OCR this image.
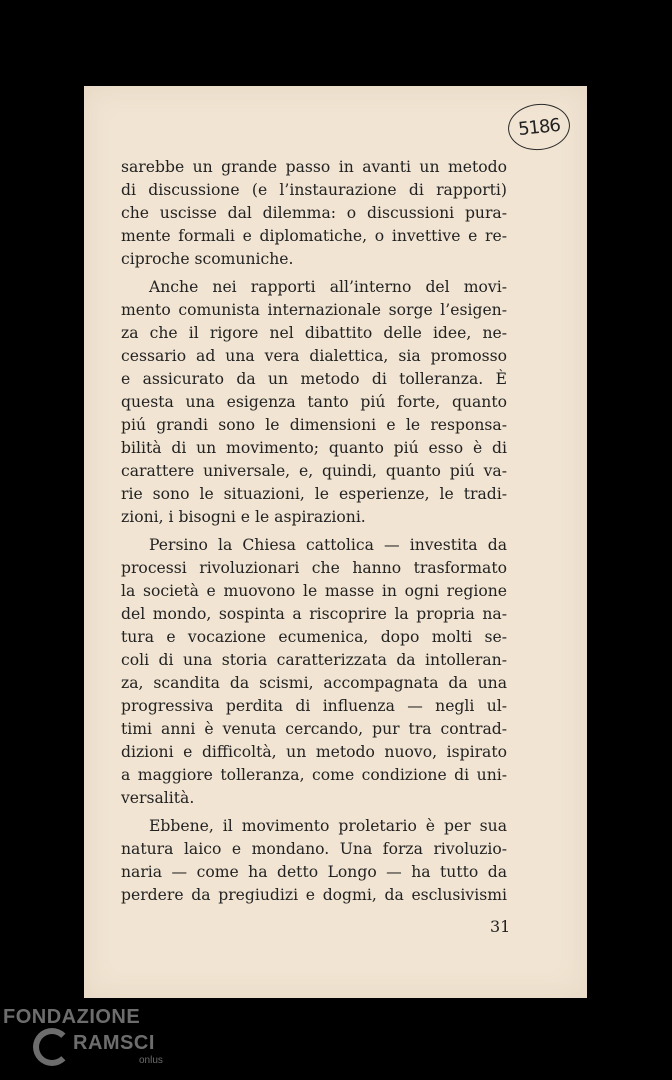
5186

sarebbe un grande passo in avanti un metodo
di discussione (e l’instaurazione di rapporti)
che uscisse dal dilemma: o discussioni pura-
mente formali e diplomatiche, o invettive e re-
ciproche scomuniche.

Anche nei rapporti all’interno del movi-
mento comunista internazionale sorge l’esigen-
za che il rigore nel dibattito delle idee, ne-
cessario ad una vera dialettica, sia promosso
e assicurato da un metodo di tolleranza. È
questa una esigenza tanto piú forte, quanto
piú grandi sono le dimensioni e le responsa-
bilità di un movimento; quanto piú esso è di
carattere universale, e, quindi, quanto piú va-
rie sono le situazioni, le esperienze, le tradi-
zioni, i bisogni e le aspirazioni.

Persino la Chiesa cattolica — investita da
processi rivoluzionari che hanno trasformato
la società e muovono le masse in ogni regione
del mondo, sospinta a riscoprire la propria na-
tura e vocazione ecumenica, dopo molti se-
coli di una storia caratterizzata da intolleran-
za, scandita da scismi, accompagnata da una
progressiva perdita di influenza — negli ul-
timi anni è venuta cercando, pur tra contrad-
dizioni e difficoltà, un metodo nuovo, ispirato
a maggiore tolleranza, come condizione di uni-
versalità.

Ebbene, il movimento proletario è per sua
natura laico e mondano. Una forza rivoluzio-
naria — come ha detto Longo — ha tutto da
perdere da pregiudizi e dogmi, da esclusivismi

31
FONDAZIONE
RAMSCI
onlus
